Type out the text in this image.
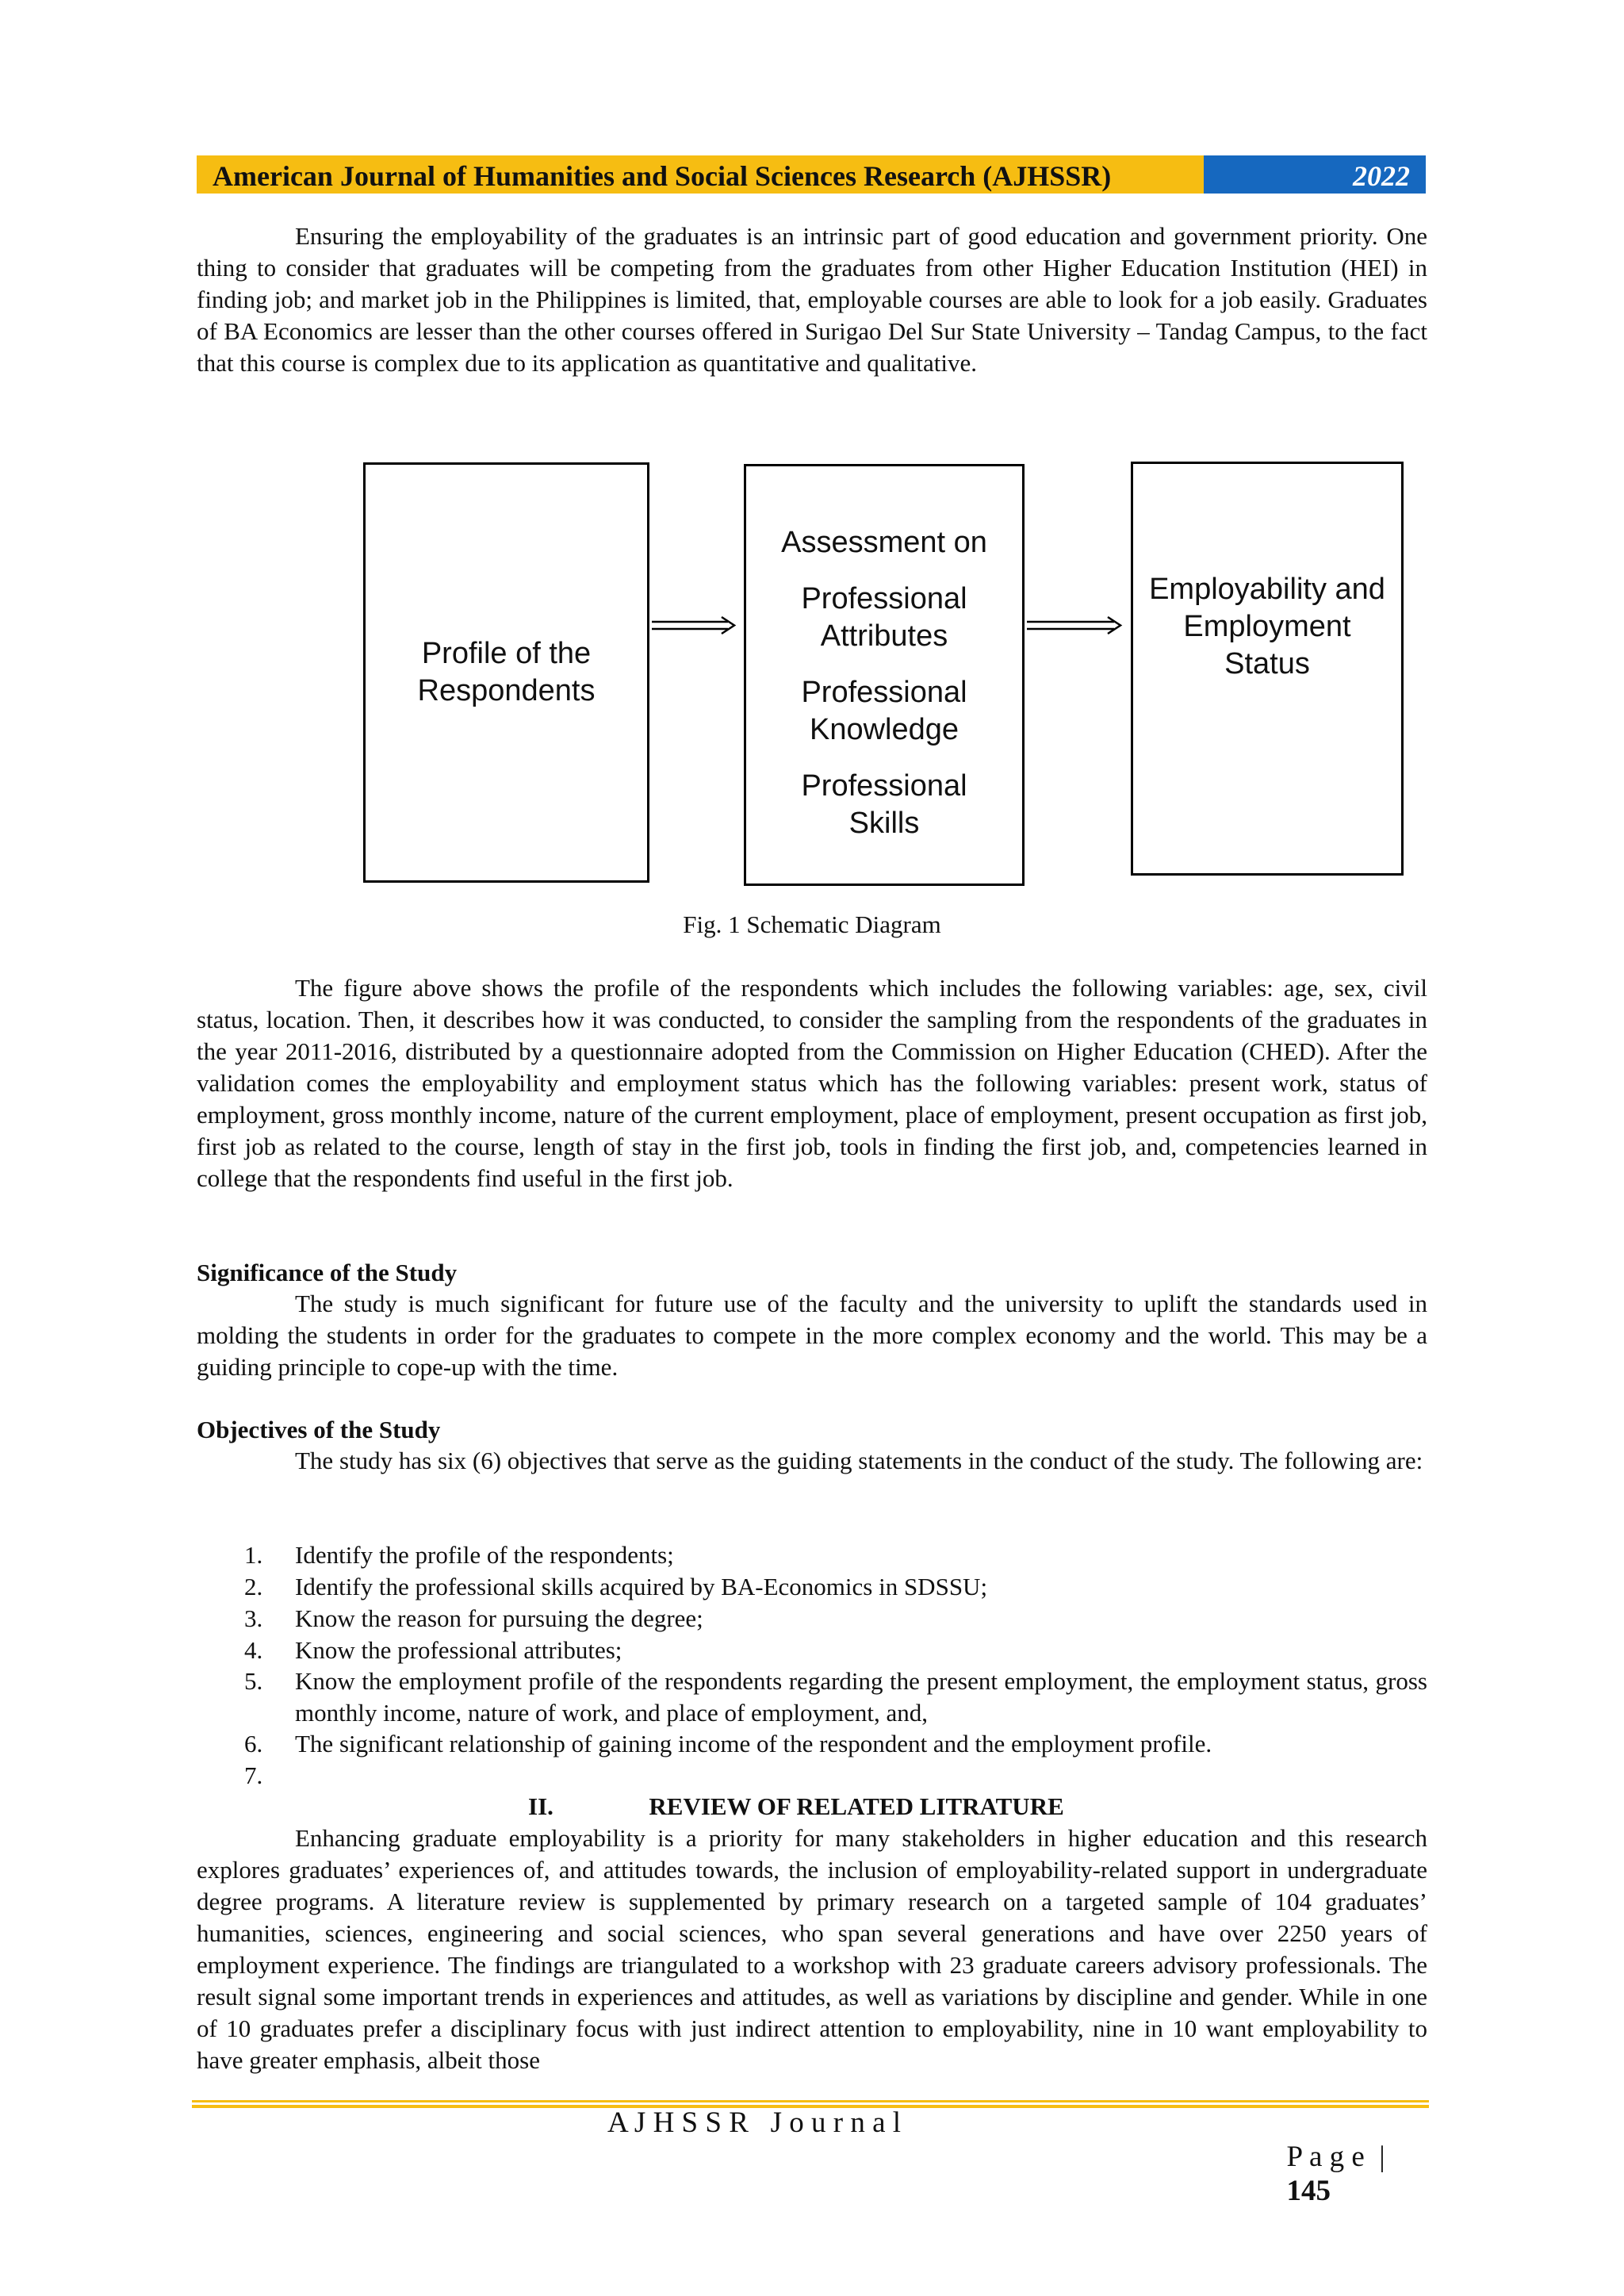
American Journal of Humanities and Social Sciences Research (AJHSSR)	2022

Ensuring the employability of the graduates is an intrinsic part of good education and government priority. One thing to consider that graduates will be competing from the graduates from other Higher Education Institution (HEI) in finding job; and market job in the Philippines is limited, that, employable courses are able to look for a job easily. Graduates of BA Economics are lesser than the other courses offered in Surigao Del Sur State University – Tandag Campus, to the fact that this course is complex due to its application as quantitative and qualitative.

Profile of the Respondents
Assessment on
Professional Attributes
Professional Knowledge
Professional Skills
Employability and Employment Status
Fig. 1 Schematic Diagram

The figure above shows the profile of the respondents which includes the following variables: age, sex, civil status, location. Then, it describes how it was conducted, to consider the sampling from the respondents of the graduates in the year 2011-2016, distributed by a questionnaire adopted from the Commission on Higher Education (CHED). After the validation comes the employability and employment status which has the following variables: present work, status of employment, gross monthly income, nature of the current employment, place of employment, present occupation as first job, first job as related to the course, length of stay in the first job, tools in finding the first job, and, competencies learned in college that the respondents find useful in the first job.

Significance of the Study

The study is much significant for future use of the faculty and the university to uplift the standards used in molding the students in order for the graduates to compete in the more complex economy and the world. This may be a guiding principle to cope-up with the time.

Objectives of the Study

The study has six (6) objectives that serve as the guiding statements in the conduct of the study. The following are:

1. Identify the profile of the respondents;
2. Identify the professional skills acquired by BA-Economics in SDSSU;
3. Know the reason for pursuing the degree;
4. Know the professional attributes;
5. Know the employment profile of the respondents regarding the present employment, the employment status, gross monthly income, nature of work, and place of employment, and,
6. The significant relationship of gaining income of the respondent and the employment profile.
7.
II.	REVIEW OF RELATED LITRATURE

Enhancing graduate employability is a priority for many stakeholders in higher education and this research explores graduates’ experiences of, and attitudes towards, the inclusion of employability-related support in undergraduate degree programs. A literature review is supplemented by primary research on a targeted sample of 104 graduates’ humanities, sciences, engineering and social sciences, who span several generations and have over 2250 years of employment experience. The findings are triangulated to a workshop with 23 graduate careers advisory professionals. The result signal some important trends in experiences and attitudes, as well as variations by discipline and gender. While in one of 10 graduates prefer a disciplinary focus with just indirect attention to employability, nine in 10 want employability to have greater emphasis, albeit those

A J H S S R   J o u r n a l

P a g e  |
145
